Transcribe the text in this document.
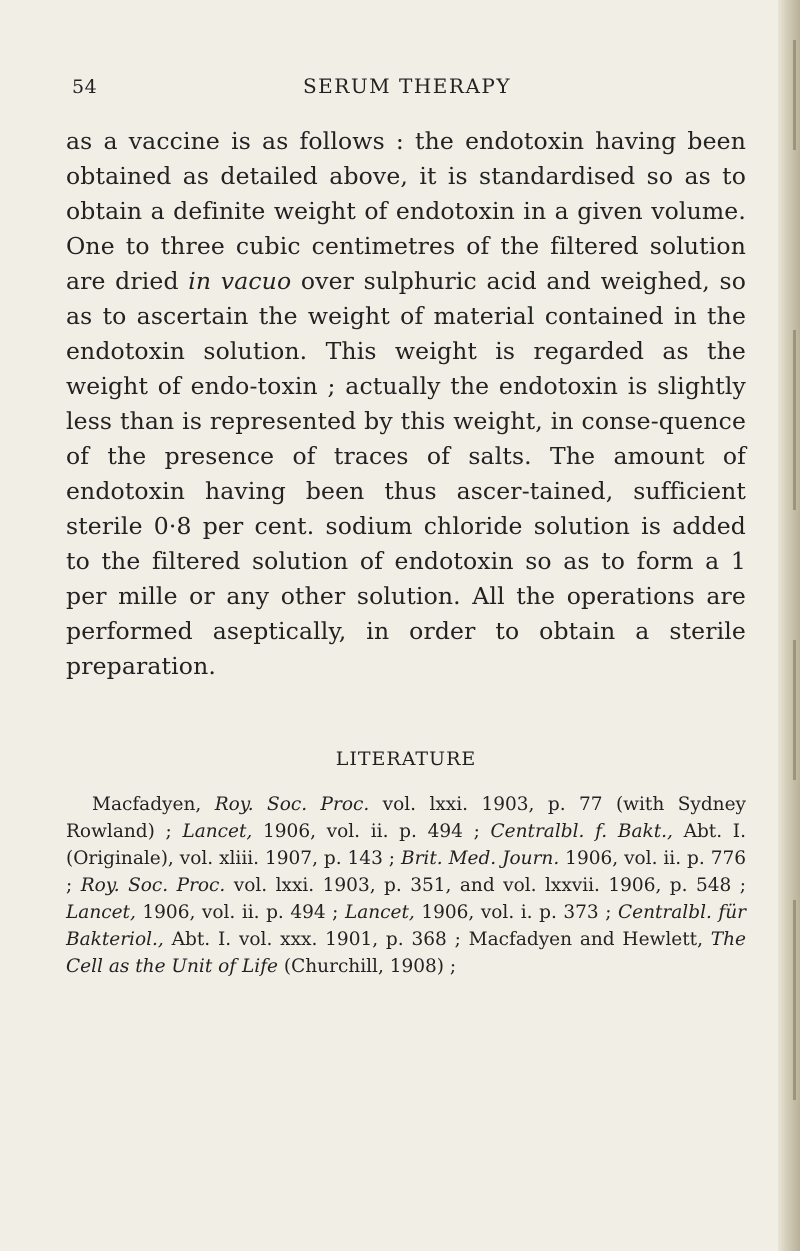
54	SERUM THERAPY

as a vaccine is as follows : the endotoxin having been obtained as detailed above, it is standardised so as to obtain a definite weight of endotoxin in a given volume. One to three cubic centimetres of the filtered solution are dried in vacuo over sulphuric acid and weighed, so as to ascertain the weight of material contained in the endotoxin solution. This weight is regarded as the weight of endo-toxin ; actually the endotoxin is slightly less than is represented by this weight, in conse-quence of the presence of traces of salts. The amount of endotoxin having been thus ascer-tained, sufficient sterile 0·8 per cent. sodium chloride solution is added to the filtered solution of endotoxin so as to form a 1 per mille or any other solution. All the operations are performed aseptically, in order to obtain a sterile preparation.

LITERATURE

Macfadyen, Roy. Soc. Proc. vol. lxxi. 1903, p. 77 (with Sydney Rowland) ; Lancet, 1906, vol. ii. p. 494 ; Centralbl. f. Bakt., Abt. I. (Originale), vol. xliii. 1907, p. 143 ; Brit. Med. Journ. 1906, vol. ii. p. 776 ; Roy. Soc. Proc. vol. lxxi. 1903, p. 351, and vol. lxxvii. 1906, p. 548 ; Lancet, 1906, vol. ii. p. 494 ; Lancet, 1906, vol. i. p. 373 ; Centralbl. für Bakteriol., Abt. I. vol. xxx. 1901, p. 368 ; Macfadyen and Hewlett, The Cell as the Unit of Life (Churchill, 1908) ;
